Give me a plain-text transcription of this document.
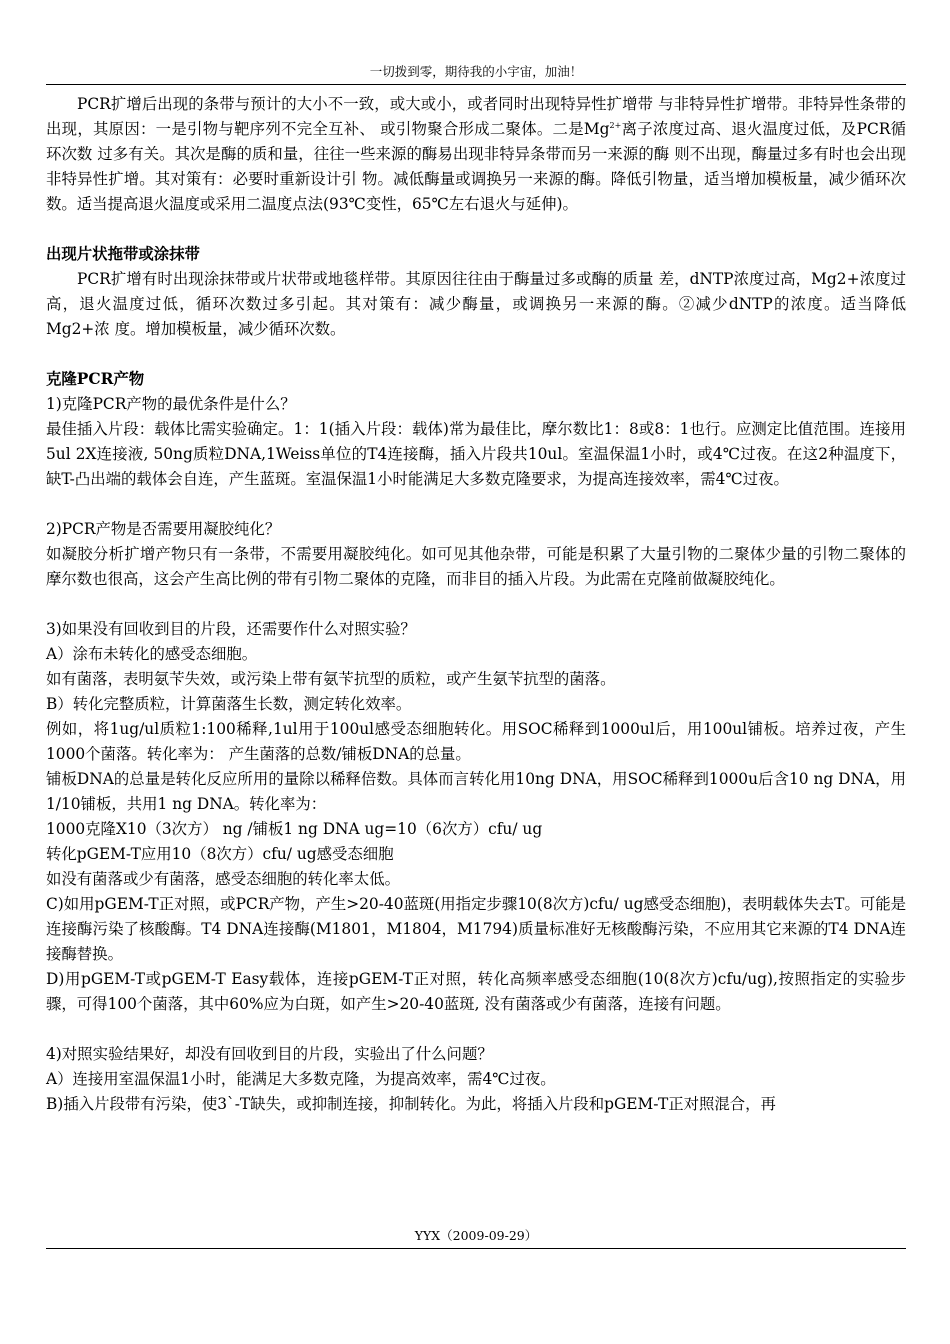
一切拨到零，期待我的小宇宙，加油！

PCR扩增后出现的条带与预计的大小不一致，或大或小，或者同时出现特异性扩增带 与非特异性扩增带。非特异性条带的出现，其原因：一是引物与靶序列不完全互补、 或引物聚合形成二聚体。二是$Mg^{2+}$离子浓度过高、退火温度过低，及PCR循环次数 过多有关。其次是酶的质和量，往往一些来源的酶易出现非特异条带而另一来源的酶 则不出现，酶量过多有时也会出现非特异性扩增。其对策有：必要时重新设计引 物。减低酶量或调换另一来源的酶。降低引物量，适当增加模板量，减少循环次 数。适当提高退火温度或采用二温度点法(93℃变性，65℃左右退火与延伸)。

出现片状拖带或涂抹带

PCR扩增有时出现涂抹带或片状带或地毯样带。其原因往往由于酶量过多或酶的质量 差，dNTP浓度过高，Mg2+浓度过高，退火温度过低，循环次数过多引起。其对策有：减少酶量，或调换另一来源的酶。②减少dNTP的浓度。适当降低Mg2+浓 度。增加模板量，减少循环次数。

克隆PCR产物

1)克隆PCR产物的最优条件是什么？

最佳插入片段：载体比需实验确定。1：1(插入片段：载体)常为最佳比，摩尔数比1：8或8：1也行。应测定比值范围。连接用5ul 2X连接液, 50ng质粒DNA,1Weiss单位的T4连接酶，插入片段共10ul。室温保温1小时，或4℃过夜。在这2种温度下，缺T-凸出端的载体会自连，产生蓝斑。室温保温1小时能满足大多数克隆要求，为提高连接效率，需4℃过夜。

2)PCR产物是否需要用凝胶纯化？

如凝胶分析扩增产物只有一条带，不需要用凝胶纯化。如可见其他杂带，可能是积累了大量引物的二聚体少量的引物二聚体的摩尔数也很高，这会产生高比例的带有引物二聚体的克隆，而非目的插入片段。为此需在克隆前做凝胶纯化。

3)如果没有回收到目的片段，还需要作什么对照实验？

A）涂布未转化的感受态细胞。

如有菌落，表明氨苄失效，或污染上带有氨苄抗型的质粒，或产生氨苄抗型的菌落。

B）转化完整质粒，计算菌落生长数，测定转化效率。

例如，将1ug/ul质粒1:100稀释,1ul用于100ul感受态细胞转化。用SOC稀释到1000ul后，用100ul铺板。培养过夜，产生1000个菌落。转化率为： 产生菌落的总数/铺板DNA的总量。

铺板DNA的总量是转化反应所用的量除以稀释倍数。具体而言转化用10ng DNA，用SOC稀释到1000u后含10 ng DNA，用1/10铺板，共用1 ng DNA。转化率为：

1000克隆X10（3次方） ng /铺板1 ng DNA ug=10（6次方）cfu/ ug

转化pGEM-T应用10（8次方）cfu/ ug感受态细胞

如没有菌落或少有菌落，感受态细胞的转化率太低。

C)如用pGEM-T正对照，或PCR产物，产生>20-40蓝斑(用指定步骤10(8次方)cfu/ ug感受态细胞)，表明载体失去T。可能是连接酶污染了核酸酶。T4 DNA连接酶(M1801，M1804，M1794)质量标准好无核酸酶污染，不应用其它来源的T4 DNA连接酶替换。

D)用pGEM-T或pGEM-T Easy载体，连接pGEM-T正对照，转化高频率感受态细胞(10(8次方)cfu/ug),按照指定的实验步骤，可得100个菌落，其中60%应为白斑，如产生>20-40蓝斑, 没有菌落或少有菌落，连接有问题。

4)对照实验结果好，却没有回收到目的片段，实验出了什么问题？

A）连接用室温保温1小时，能满足大多数克隆，为提高效率，需4℃过夜。

B)插入片段带有污染，使3`-T缺失，或抑制连接，抑制转化。为此，将插入片段和pGEM-T正对照混合，再

YYX（2009-09-29）
